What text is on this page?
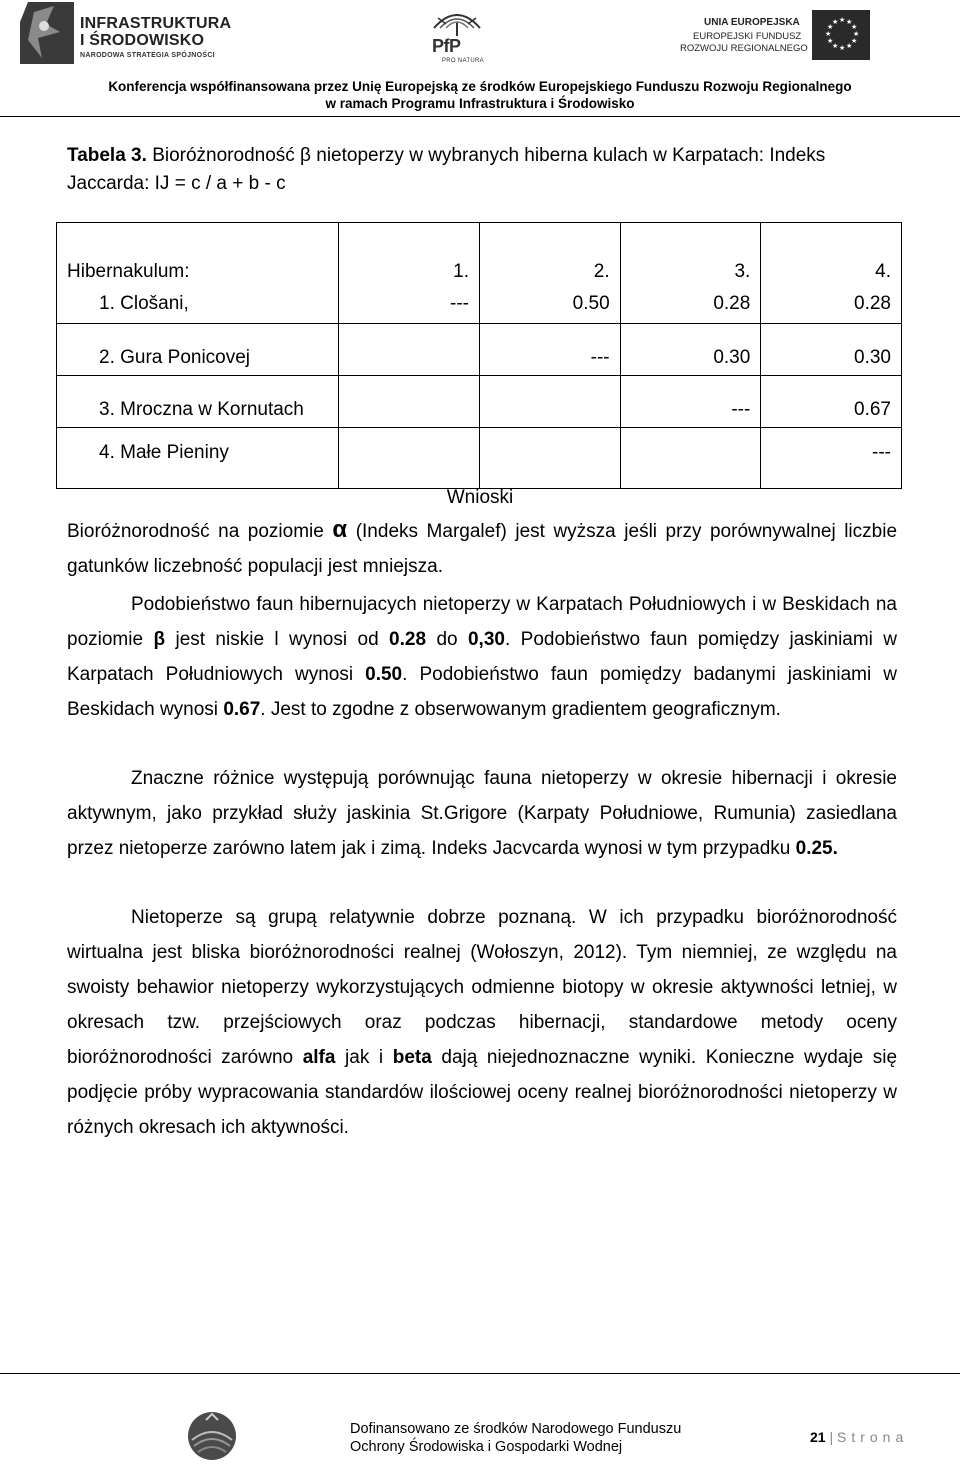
INFRASTRUKTURA
I ŚRODOWISKO
NARODOWA STRATEGIA SPÓJNOŚCI	PfP
PRO NATURA
UNIA EUROPEJSKA
EUROPEJSKI FUNDUSZ
ROZWOJU REGIONALNEGO
★ ★
★
★
★
★
★
★
★
★
★
★
Konferencja współfinansowana przez Unię Europejską ze środków Europejskiego Funduszu Rozwoju Regionalnego
w ramach Programu Infrastruktura i Środowisko
Tabela 3. Bioróżnorodność β nietoperzy w wybranych hiberna kulach w Karpatach: Indeks
Jaccarda: IJ = c / a + b - c
Hibernakulum:	1.	2.	3.	4.
1. Clošani,	---	0.50	0.28	0.28
2. Gura Ponicovej		---	0.30	0.30
3. Mroczna w Kornutach			---	0.67
4. Małe Pieniny				---
Wnioski
Bioróżnorodność na poziomie α (Indeks Margalef) jest wyższa jeśli przy porównywalnej liczbie gatunków liczebność populacji jest mniejsza.
Podobieństwo faun hibernujacych nietoperzy w Karpatach Południowych i w Beskidach na poziomie β jest niskie l wynosi od 0.28 do 0,30. Podobieństwo faun pomiędzy jaskiniami w Karpatach Południowych wynosi 0.50. Podobieństwo faun pomiędzy badanymi jaskiniami w Beskidach wynosi 0.67. Jest to zgodne z obserwowanym gradientem geograficznym.
Znaczne różnice występują porównując fauna nietoperzy w okresie hibernacji i okresie aktywnym, jako przykład służy jaskinia St.Grigore (Karpaty Południowe, Rumunia) zasiedlana przez nietoperze zarówno latem jak i zimą. Indeks Jacvcarda wynosi w tym przypadku 0.25.
Nietoperze są grupą relatywnie dobrze poznaną. W ich przypadku bioróżnorodność wirtualna jest bliska bioróżnorodności realnej (Wołoszyn, 2012). Tym niemniej, ze względu na swoisty behawior nietoperzy wykorzystujących odmienne biotopy w okresie aktywności letniej, w okresach tzw. przejściowych oraz podczas hibernacji, standardowe metody oceny bioróżnorodności zarówno alfa jak i beta dają niejednoznaczne wyniki. Konieczne wydaje się podjęcie próby wypracowania standardów ilościowej oceny realnej bioróżnorodności nietoperzy w różnych okresach ich aktywności.
Dofinansowano ze środków Narodowego Funduszu
Ochrony Środowiska i Gospodarki Wodnej
21 | Strona
